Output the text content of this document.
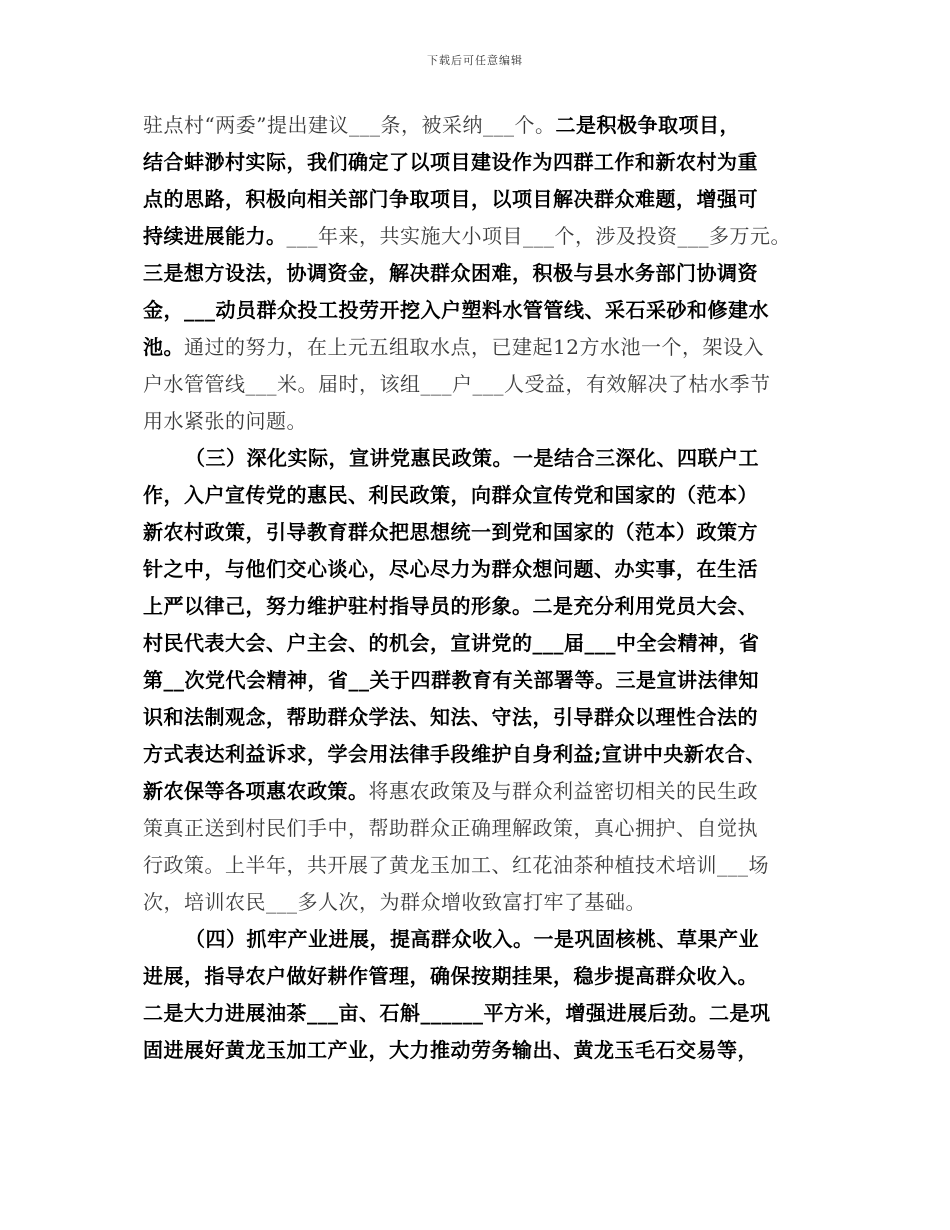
下载后可任意编辑
驻点村“两委”提出建议___条，被采纳___个。二是积极争取项目，
结合蚌渺村实际，我们确定了以项目建设作为四群工作和新农村为重
点的思路，积极向相关部门争取项目，以项目解决群众难题，增强可
持续进展能力。___年来，共实施大小项目___个，涉及投资___多万元。
三是想方设法，协调资金，解决群众困难，积极与县水务部门协调资
金，___动员群众投工投劳开挖入户塑料水管管线、采石采砂和修建水
池。通过的努力，在上元五组取水点，已建起12方水池一个，架设入
户水管管线___米。届时，该组___户___人受益，有效解决了枯水季节
用水紧张的问题。
（三）深化实际，宣讲党惠民政策。一是结合三深化、四联户工
作，入户宣传党的惠民、利民政策，向群众宣传党和国家的（范本）
新农村政策，引导教育群众把思想统一到党和国家的（范本）政策方
针之中，与他们交心谈心，尽心尽力为群众想问题、办实事，在生活
上严以律己，努力维护驻村指导员的形象。二是充分利用党员大会、
村民代表大会、户主会、的机会，宣讲党的___届___中全会精神，省
第__次党代会精神，省__关于四群教育有关部署等。三是宣讲法律知
识和法制观念，帮助群众学法、知法、守法，引导群众以理性合法的
方式表达利益诉求，学会用法律手段维护自身利益;宣讲中央新农合、
新农保等各项惠农政策。将惠农政策及与群众利益密切相关的民生政
策真正送到村民们手中，帮助群众正确理解政策，真心拥护、自觉执
行政策。上半年，共开展了黄龙玉加工、红花油茶种植技术培训___场
次，培训农民___多人次，为群众增收致富打牢了基础。
（四）抓牢产业进展，提高群众收入。一是巩固核桃、草果产业
进展，指导农户做好耕作管理，确保按期挂果，稳步提高群众收入。
二是大力进展油茶___亩、石斛______平方米，增强进展后劲。二是巩
固进展好黄龙玉加工产业，大力推动劳务输出、黄龙玉毛石交易等，
